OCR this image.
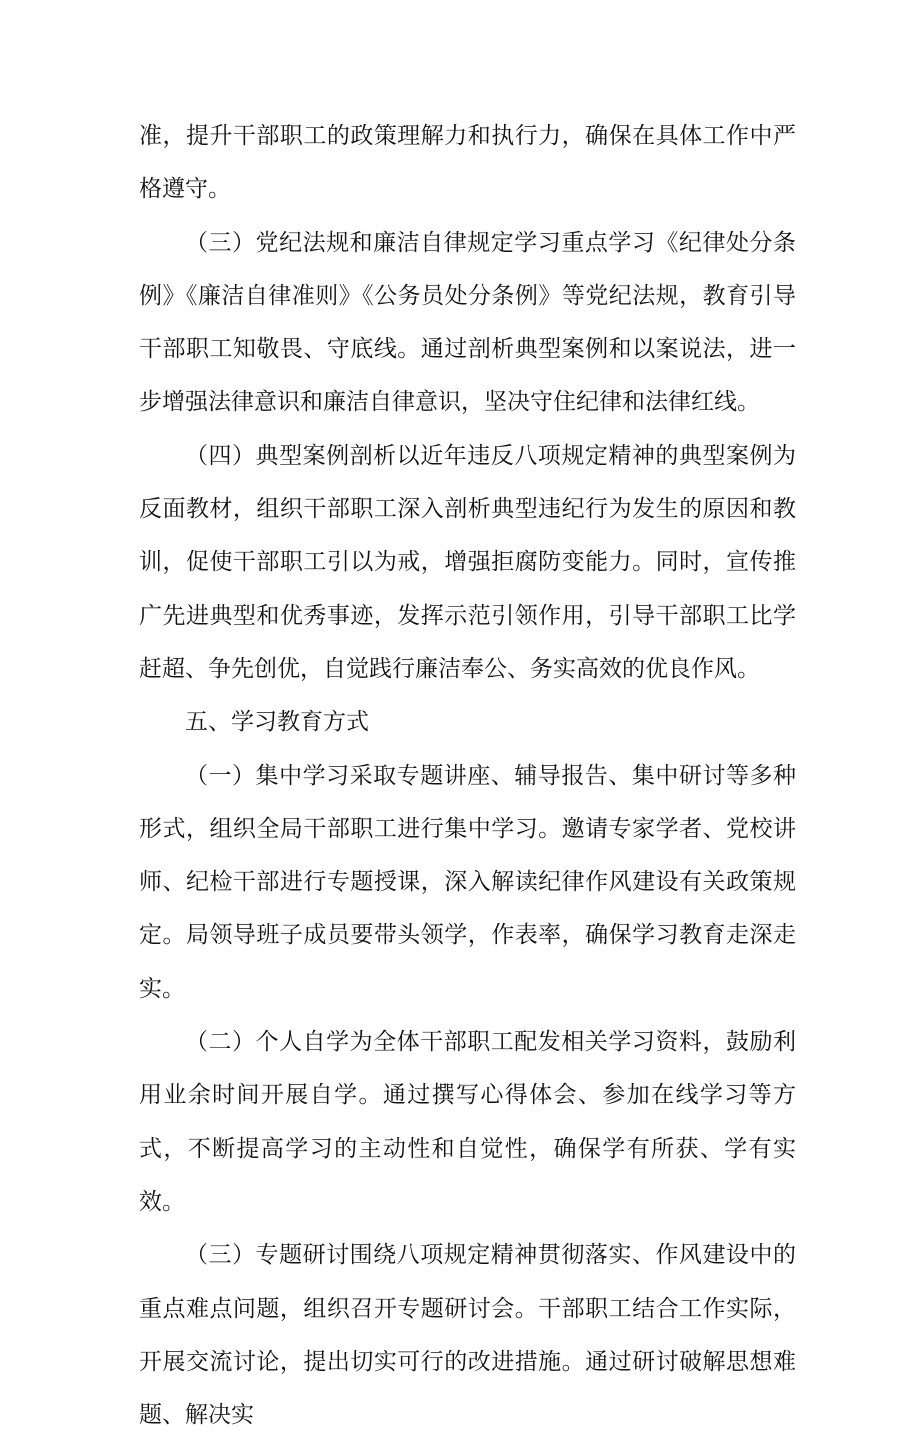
准，提升干部职工的政策理解力和执行力，确保在具体工作中严格遵守。

（三）党纪法规和廉洁自律规定学习重点学习《纪律处分条例》《廉洁自律准则》《公务员处分条例》等党纪法规，教育引导干部职工知敬畏、守底线。通过剖析典型案例和以案说法，进一步增强法律意识和廉洁自律意识，坚决守住纪律和法律红线。

（四）典型案例剖析以近年违反八项规定精神的典型案例为反面教材，组织干部职工深入剖析典型违纪行为发生的原因和教训，促使干部职工引以为戒，增强拒腐防变能力。同时，宣传推广先进典型和优秀事迹，发挥示范引领作用，引导干部职工比学赶超、争先创优，自觉践行廉洁奉公、务实高效的优良作风。

五、学习教育方式

（一）集中学习采取专题讲座、辅导报告、集中研讨等多种形式，组织全局干部职工进行集中学习。邀请专家学者、党校讲师、纪检干部进行专题授课，深入解读纪律作风建设有关政策规定。局领导班子成员要带头领学，作表率，确保学习教育走深走实。

（二）个人自学为全体干部职工配发相关学习资料，鼓励利用业余时间开展自学。通过撰写心得体会、参加在线学习等方式，不断提高学习的主动性和自觉性，确保学有所获、学有实效。

（三）专题研讨围绕八项规定精神贯彻落实、作风建设中的重点难点问题，组织召开专题研讨会。干部职工结合工作实际，开展交流讨论，提出切实可行的改进措施。通过研讨破解思想难题、解决实
